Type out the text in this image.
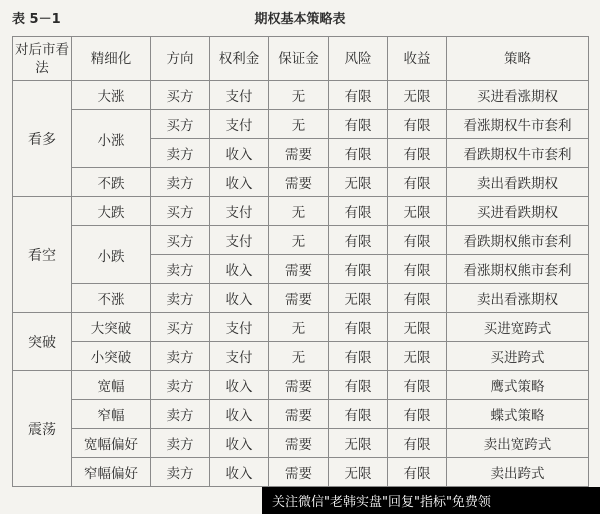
表 5－1	期权基本策略表
对后市看法	精细化	方向	权利金	保证金	风险	收益	策略
看多	大涨	买方	支付	无	有限	无限	买进看涨期权
	小涨	买方	支付	无	有限	有限	看涨期权牛市套利
		卖方	收入	需要	有限	有限	看跌期权牛市套利
	不跌	卖方	收入	需要	无限	有限	卖出看跌期权
看空	大跌	买方	支付	无	有限	无限	买进看跌期权
	小跌	买方	支付	无	有限	有限	看跌期权熊市套利
		卖方	收入	需要	有限	有限	看涨期权熊市套利
	不涨	卖方	收入	需要	无限	有限	卖出看涨期权
突破	大突破	买方	支付	无	有限	无限	买进宽跨式
	小突破	卖方	支付	无	有限	无限	买进跨式
震荡	宽幅	卖方	收入	需要	有限	有限	鹰式策略
	窄幅	卖方	收入	需要	有限	有限	蝶式策略
	宽幅偏好	卖方	收入	需要	无限	有限	卖出宽跨式
	窄幅偏好	卖方	收入	需要	无限	有限	卖出跨式
关注微信"老韩实盘"回复"指标"免费领
